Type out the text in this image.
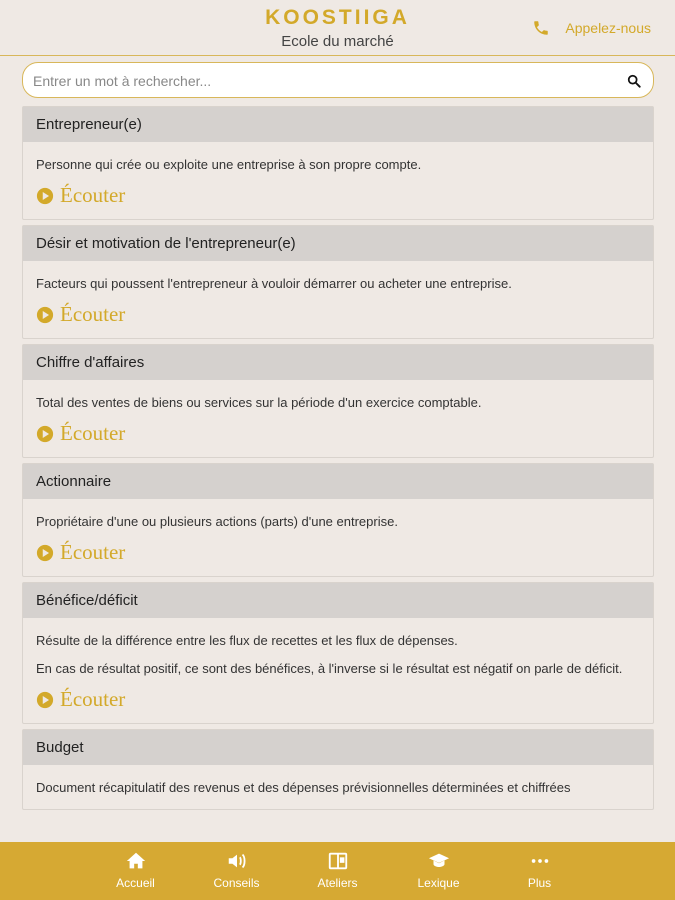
KOOSTIIGA
Ecole du marché
Appelez-nous
Entrer un mot à rechercher...
Entrepreneur(e)

Personne qui crée ou exploite une entreprise à son propre compte.

Écouter
Désir et motivation de l'entrepreneur(e)

Facteurs qui poussent l'entrepreneur à vouloir démarrer ou acheter une entreprise.

Écouter
Chiffre d'affaires

Total des ventes de biens ou services sur la période d'un exercice comptable.

Écouter
Actionnaire

Propriétaire d'une ou plusieurs actions (parts) d'une entreprise.

Écouter
Bénéfice/déficit

Résulte de la différence entre les flux de recettes et les flux de dépenses.

En cas de résultat positif, ce sont des bénéfices, à l'inverse si le résultat est négatif on parle de déficit.

Écouter
Budget

Document récapitulatif des revenus et des dépenses prévisionnelles déterminées et chiffrées

Accueil	Conseils	Ateliers	Lexique	Plus
